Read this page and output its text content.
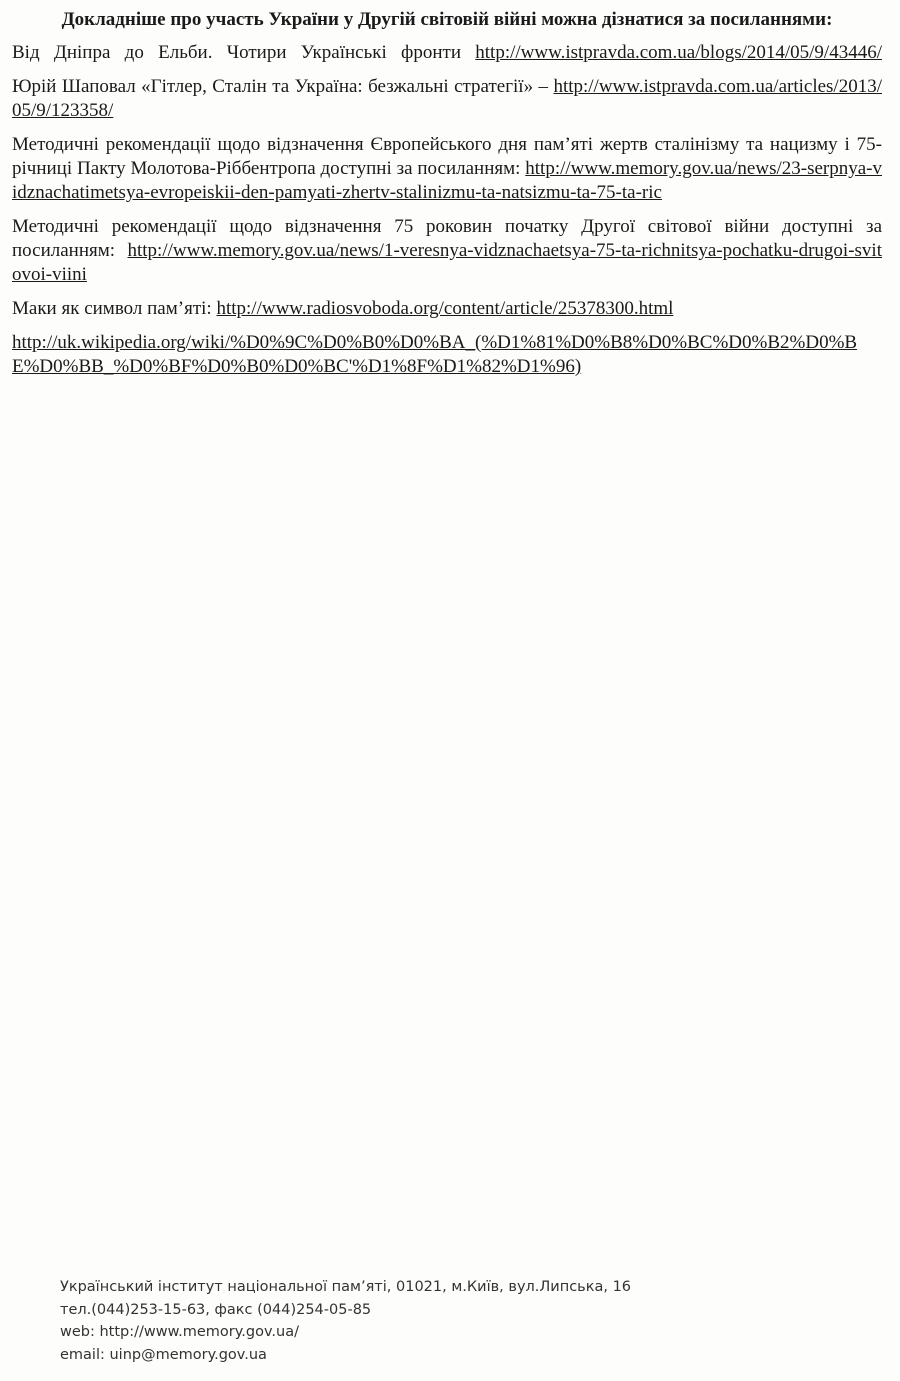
Докладніше про участь України у Другій світовій війні можна дізнатися за посиланнями:

Від Дніпра до Ельби. Чотири Українські фронти http://www.istpravda.com.ua/blogs/2014/05/9/43446/

Юрій Шаповал «Гітлер, Сталін та Україна: безжальні стратегії» – http://www.istpravda.com.ua/articles/2013/05/9/123358/

Методичні рекомендації щодо відзначення Європейського дня пам’яті жертв сталінізму та нацизму і 75-річниці Пакту Молотова-Ріббентропа доступні за посиланням: http://www.memory.gov.ua/news/23-serpnya-vidznachatimetsya-evropeiskii-den-pamyati-zhertv-stalinizmu-ta-natsizmu-ta-75-ta-ric

Методичні рекомендації щодо відзначення 75 роковин початку Другої світової війни доступні за посиланням: http://www.memory.gov.ua/news/1-veresnya-vidznachaetsya-75-ta-richnitsya-pochatku-drugoi-svitovoi-viini

Маки як символ пам’яті: http://www.radiosvoboda.org/content/article/25378300.html

http://uk.wikipedia.org/wiki/%D0%9C%D0%B0%D0%BA_(%D1%81%D0%B8%D0%BC%D0%B2%D0%BE%D0%BB_%D0%BF%D0%B0%D0%BC'%D1%8F%D1%82%D1%96)

Український інститут національної пам’яті, 01021, м.Київ, вул.Липська, 16
тел.(044)253-15-63, факс (044)254-05-85
web: http://www.memory.gov.ua/
email: uinp@memory.gov.ua
